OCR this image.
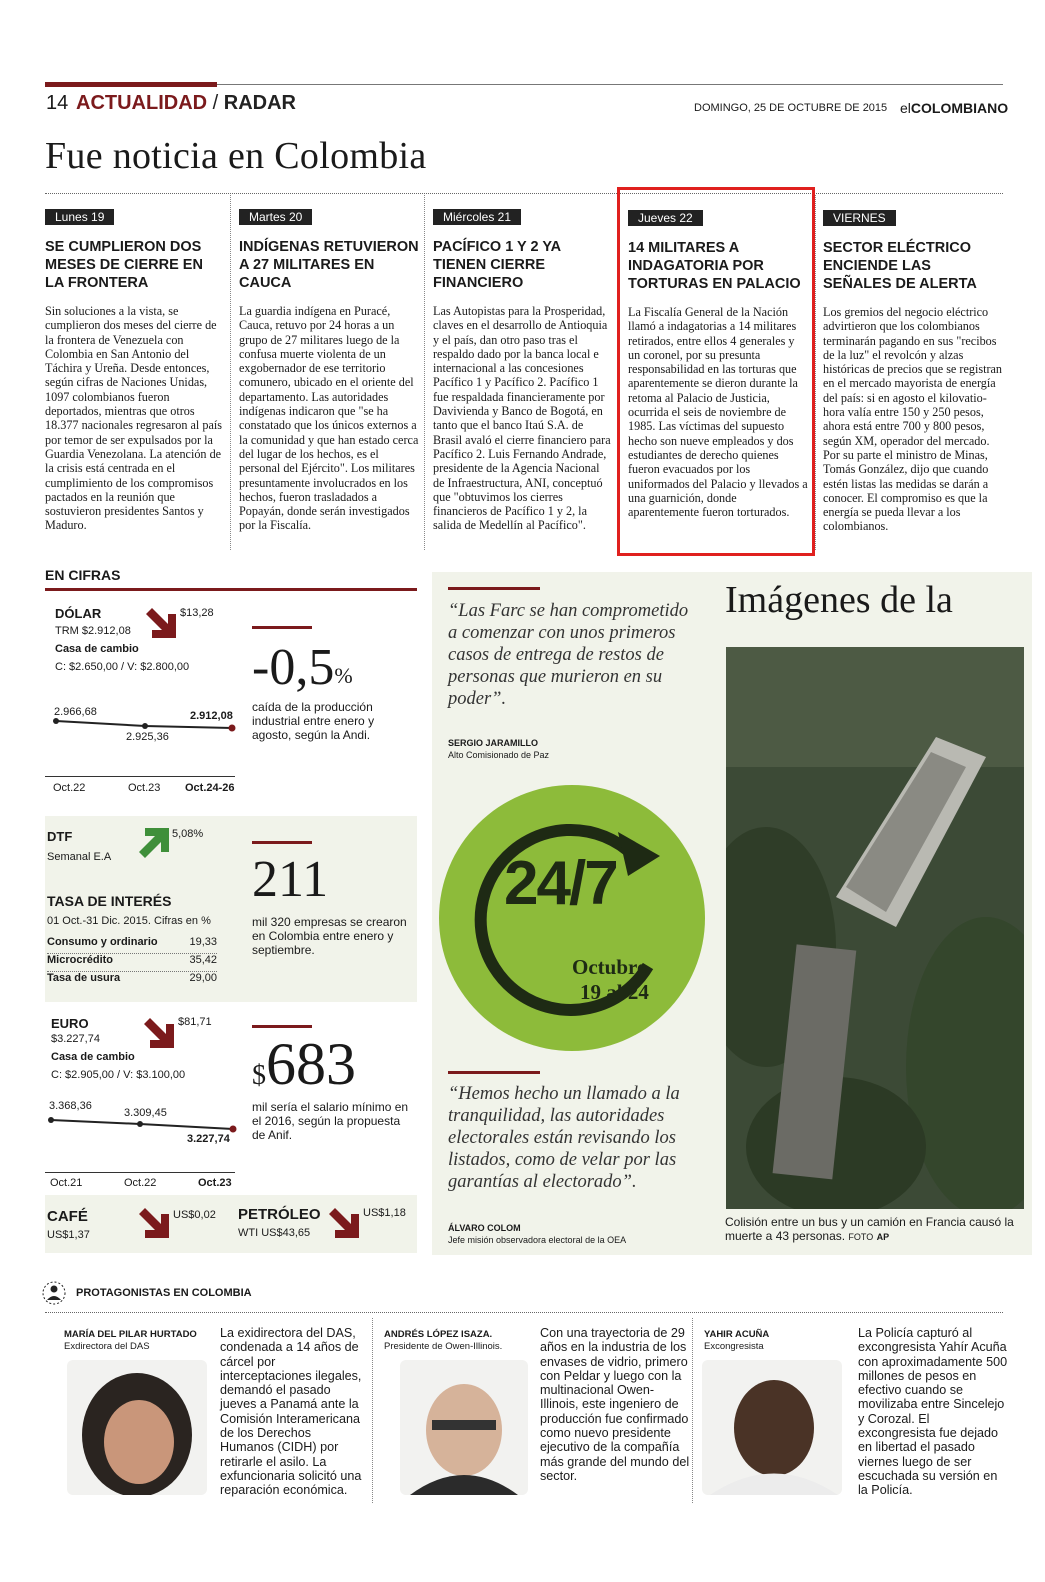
14 ACTUALIDAD / RADAR	DOMINGO, 25 DE OCTUBRE DE 2015 elCOLOMBIANO
Fue noticia en Colombia
Lunes 19
SE CUMPLIERON DOS MESES DE CIERRE EN LA FRONTERA
Sin soluciones a la vista, se cumplieron dos meses del cierre de la frontera de Venezuela con Colombia en San Antonio del Táchira y Ureña. Desde entonces, según cifras de Naciones Unidas, 1097 colombianos fueron deportados, mientras que otros 18.377 nacionales regresaron al país por temor de ser expulsados por la Guardia Venezolana. La atención de la crisis está centrada en el cumplimiento de los compromisos pactados en la reunión que sostuvieron presidentes Santos y Maduro.
Martes 20
INDÍGENAS RETUVIERON A 27 MILITARES EN CAUCA
La guardia indígena en Puracé, Cauca, retuvo por 24 horas a un grupo de 27 militares luego de la confusa muerte violenta de un exgobernador de ese territorio comunero, ubicado en el oriente del departamento. Las autoridades indígenas indicaron que "se ha constatado que los únicos externos a la comunidad y que han estado cerca del lugar de los hechos, es el personal del Ejército". Los militares presuntamente involucrados en los hechos, fueron trasladados a Popayán, donde serán investigados por la Fiscalía.
Miércoles 21
PACÍFICO 1 Y 2 YA TIENEN CIERRE FINANCIERO
Las Autopistas para la Prosperidad, claves en el desarrollo de Antioquia y el país, dan otro paso tras el respaldo dado por la banca local e internacional a las concesiones Pacífico 1 y Pacífico 2. Pacífico 1 fue respaldada financieramente por Davivienda y Banco de Bogotá, en tanto que el banco Itaú S.A. de Brasil avaló el cierre financiero para Pacífico 2. Luis Fernando Andrade, presidente de la Agencia Nacional de Infraestructura, ANI, conceptuó que "obtuvimos los cierres financieros de Pacífico 1 y 2, la salida de Medellín al Pacífico".
Jueves 22
14 MILITARES A INDAGATORIA POR TORTURAS EN PALACIO
La Fiscalía General de la Nación llamó a indagatorias a 14 militares retirados, entre ellos 4 generales y un coronel, por su presunta responsabilidad en las torturas que aparentemente se dieron durante la retoma al Palacio de Justicia, ocurrida el seis de noviembre de 1985. Las víctimas del supuesto hecho son nueve empleados y dos estudiantes de derecho quienes fueron evacuados por los uniformados del Palacio y llevados a una guarnición, donde aparentemente fueron torturados.
VIERNES
SECTOR ELÉCTRICO ENCIENDE LAS SEÑALES DE ALERTA
Los gremios del negocio eléctrico advirtieron que los colombianos terminarán pagando en sus "recibos de la luz" el revolcón y alzas históricas de precios que se registran en el mercado mayorista de energía del país: si en agosto el kilovatio-hora valía entre 150 y 250 pesos, ahora está entre 700 y 800 pesos, según XM, operador del mercado. Por su parte el ministro de Minas, Tomás González, dijo que cuando estén listas las medidas se darán a conocer. El compromiso es que la energía se pueda llevar a los colombianos.
EN CIFRAS
DÓLAR
TRM $2.912,08
Casa de cambio
C: $2.650,00 / V: $2.800,00
$13,28
2.966,68
2.925,36
2.912,08
Oct.22	Oct.23 Oct.24-26
-0,5%
caída de la producción industrial entre enero y agosto, según la Andi.
DTF
Semanal E.A
5,08%
TASA DE INTERÉS
01 Oct.-31 Dic. 2015. Cifras en %
Consumo y ordinario	19,33
Microcrédito	35,42
Tasa de usura	29,00
211
mil 320 empresas se crearon en Colombia entre enero y septiembre.
EURO
$3.227,74
Casa de cambio
C: $2.905,00 / V: $3.100,00
$81,71
3.368,36
3.309,45
3.227,74
Oct.21	Oct.22	Oct.23
$683
mil sería el salario mínimo en el 2016, según la propuesta de Anif.
CAFÉ
US$1,37
US$0,02 PETRÓLEO
WTI US$43,65
US$1,18
“Las Farc se han comprometido a comenzar con unos primeros casos de entrega de restos de personas que murieron en su poder”.
SERGIO JARAMILLO
Alto Comisionado de Paz
24/7
Octubre
19 al 24
“Hemos hecho un llamado a la tranquilidad, las autoridades electorales están revisando los listados, como de velar por las garantías al electorado”.
ÁLVARO COLOM
Jefe misión observadora electoral de la OEA
Imágenes de la
Colisión entre un bus y un camión en Francia causó la muerte a 43 personas. FOTO AP
PROTAGONISTAS EN COLOMBIA
MARÍA DEL PILAR HURTADO
Exdirectora del DAS
La exidirectora del DAS, condenada a 14 años de cárcel por interceptaciones ilegales, demandó el pasado jueves a Panamá ante la Comisión Interamericana de los Derechos Humanos (CIDH) por retirarle el asilo. La exfuncionaria solicitó una reparación económica.
ANDRÉS LÓPEZ ISAZA.
Presidente de Owen-Illinois.
Con una trayectoria de 29 años en la industria de los envases de vidrio, primero con Peldar y luego con la multinacional Owen-Illinois, este ingeniero de producción fue confirmado como nuevo presidente ejecutivo de la compañía más grande del mundo del sector.
YAHIR ACUÑA
Excongresista
La Policía capturó al excongresista Yahír Acuña con aproximadamente 500 millones de pesos en efectivo cuando se movilizaba entre Sincelejo y Corozal. El excongresista fue dejado en libertad el pasado viernes luego de ser escuchada su versión en la Policía.
